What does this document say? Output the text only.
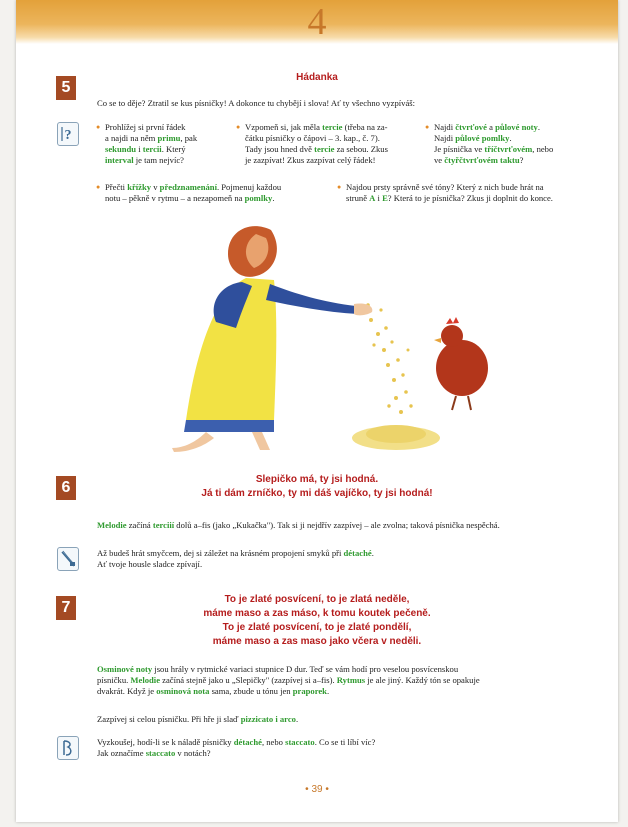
4
5
Hádanka
Co se to děje? Ztratil se kus písničky! A dokonce tu chybějí i slova! Ať ty všechno vyzpíváš:
?
● Prohlížej si první řádek
a najdi na něm primu, pak
sekundu i tercii. Který
interval je tam nejvíc?
● Vzpomeň si, jak měla tercie (třeba na za-
čátku písničky o čápovi – 3. kap., č. 7).
Tady jsou hned dvě tercie za sebou. Zkus
je zazpívat! Zkus zazpívat celý řádek!
● Najdi čtvrťové a půlové noty.
Najdi půlové pomlky.
Je písnička ve tříčtvrťovém, nebo
ve čtyřčtvrťovém taktu?
● Přečti křížky v předznamenání. Pojmenuj každou
notu – pěkně v rytmu – a nezapomeň na pomlky.
● Najdou prsty správně své tóny? Který z nich bude hrát na
struně A i E? Která to je písnička? Zkus ji doplnit do konce.
6	Slepičko má, ty jsi hodná.
Já ti dám zrníčko, ty mi dáš vajíčko, ty jsi hodná!
Melodie začíná terciií dolů a–fis (jako „Kukačka"). Tak si ji nejdřív zazpívej – ale zvolna; taková písnička nespěchá.
Až budeš hrát smyčcem, dej si záležet na krásném propojení smyků při détaché.
Ať tvoje housle sladce zpívají.
7	To je zlaté posvícení, to je zlatá neděle,
máme maso a zas máso, k tomu koutek pečeně.
To je zlaté posvícení, to je zlaté pondělí,
máme maso a zas maso jako včera v neděli.
Osminové noty jsou hrály v rytmické variaci stupnice D dur. Teď se vám hodí pro veselou posvícenskou
písničku. Melodie začíná stejně jako u „Slepičky" (zazpívej si a–fis). Rytmus je ale jiný. Každý tón se opakuje
dvakrát. Když je osminová nota sama, zbude u tónu jen praporek.
Zazpívej si celou písničku. Při hře ji slaď pizzicato i arco.
Vyzkoušej, hodí-li se k náladě písničky détaché, nebo staccato. Co se ti líbí víc?
Jak označíme staccato v notách?
• 39 •
